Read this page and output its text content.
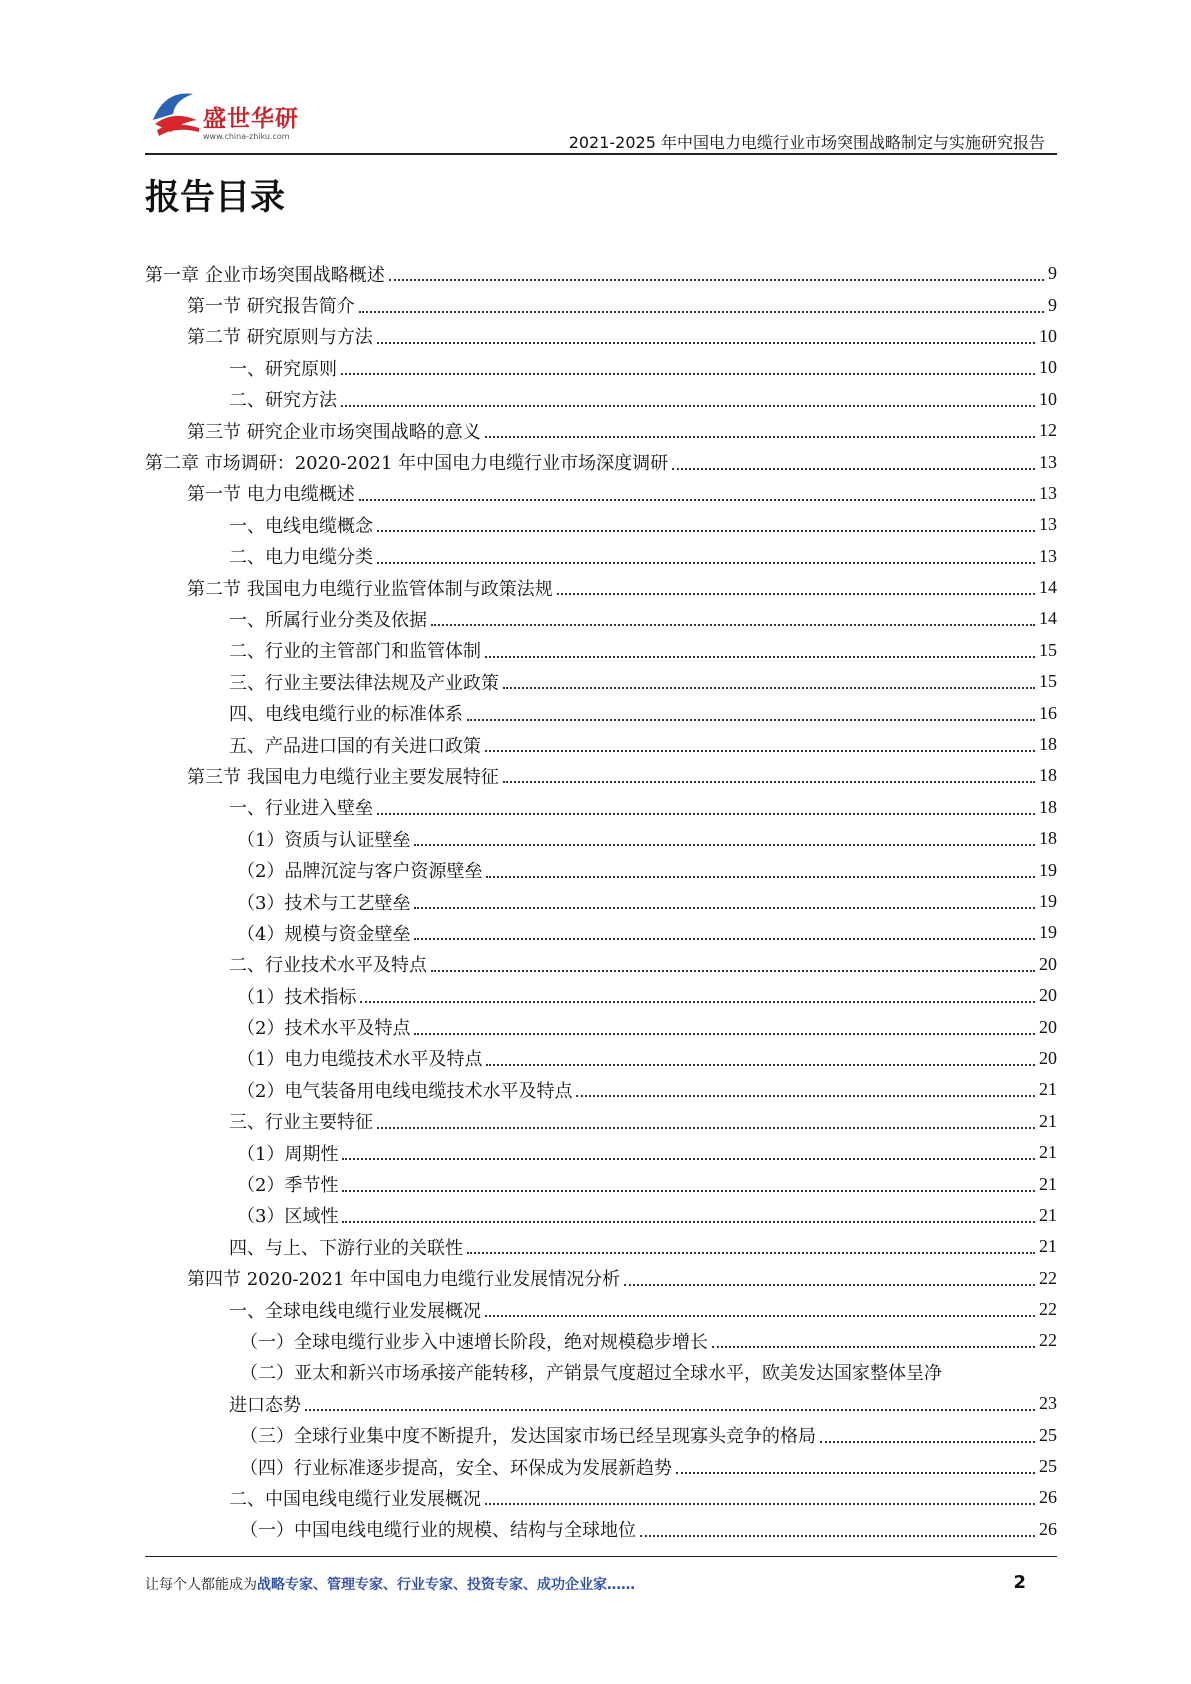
盛世华研
www.china-zhiku.com	2021-2025 年中国电力电缆行业市场突围战略制定与实施研究报告
报告目录
第一章 企业市场突围战略概述	9
第一节 研究报告简介	9
第二节 研究原则与方法	10
一、研究原则	10
二、研究方法	10
第三节 研究企业市场突围战略的意义	12
第二章 市场调研：2020-2021 年中国电力电缆行业市场深度调研	13
第一节 电力电缆概述	13
一、电线电缆概念	13
二、电力电缆分类	13
第二节 我国电力电缆行业监管体制与政策法规	14
一、所属行业分类及依据	14
二、行业的主管部门和监管体制	15
三、行业主要法律法规及产业政策	15
四、电线电缆行业的标准体系	16
五、产品进口国的有关进口政策	18
第三节 我国电力电缆行业主要发展特征	18
一、行业进入壁垒	18
（1）资质与认证壁垒	18
（2）品牌沉淀与客户资源壁垒	19
（3）技术与工艺壁垒	19
（4）规模与资金壁垒	19
二、行业技术水平及特点	20
（1）技术指标	20
（2）技术水平及特点	20
（1）电力电缆技术水平及特点	20
（2）电气装备用电线电缆技术水平及特点	21
三、行业主要特征	21
（1）周期性	21
（2）季节性	21
（3）区域性	21
四、与上、下游行业的关联性	21
第四节 2020-2021 年中国电力电缆行业发展情况分析	22
一、全球电线电缆行业发展概况	22
（一）全球电缆行业步入中速增长阶段，绝对规模稳步增长	22
（二）亚太和新兴市场承接产能转移，产销景气度超过全球水平，欧美发达国家整体呈净
进口态势	23
（三）全球行业集中度不断提升，发达国家市场已经呈现寡头竞争的格局	25
（四）行业标准逐步提高，安全、环保成为发展新趋势	25
二、中国电线电缆行业发展概况	26
（一）中国电线电缆行业的规模、结构与全球地位	26
让每个人都能成为战略专家、管理专家、行业专家、投资专家、成功企业家……	2
